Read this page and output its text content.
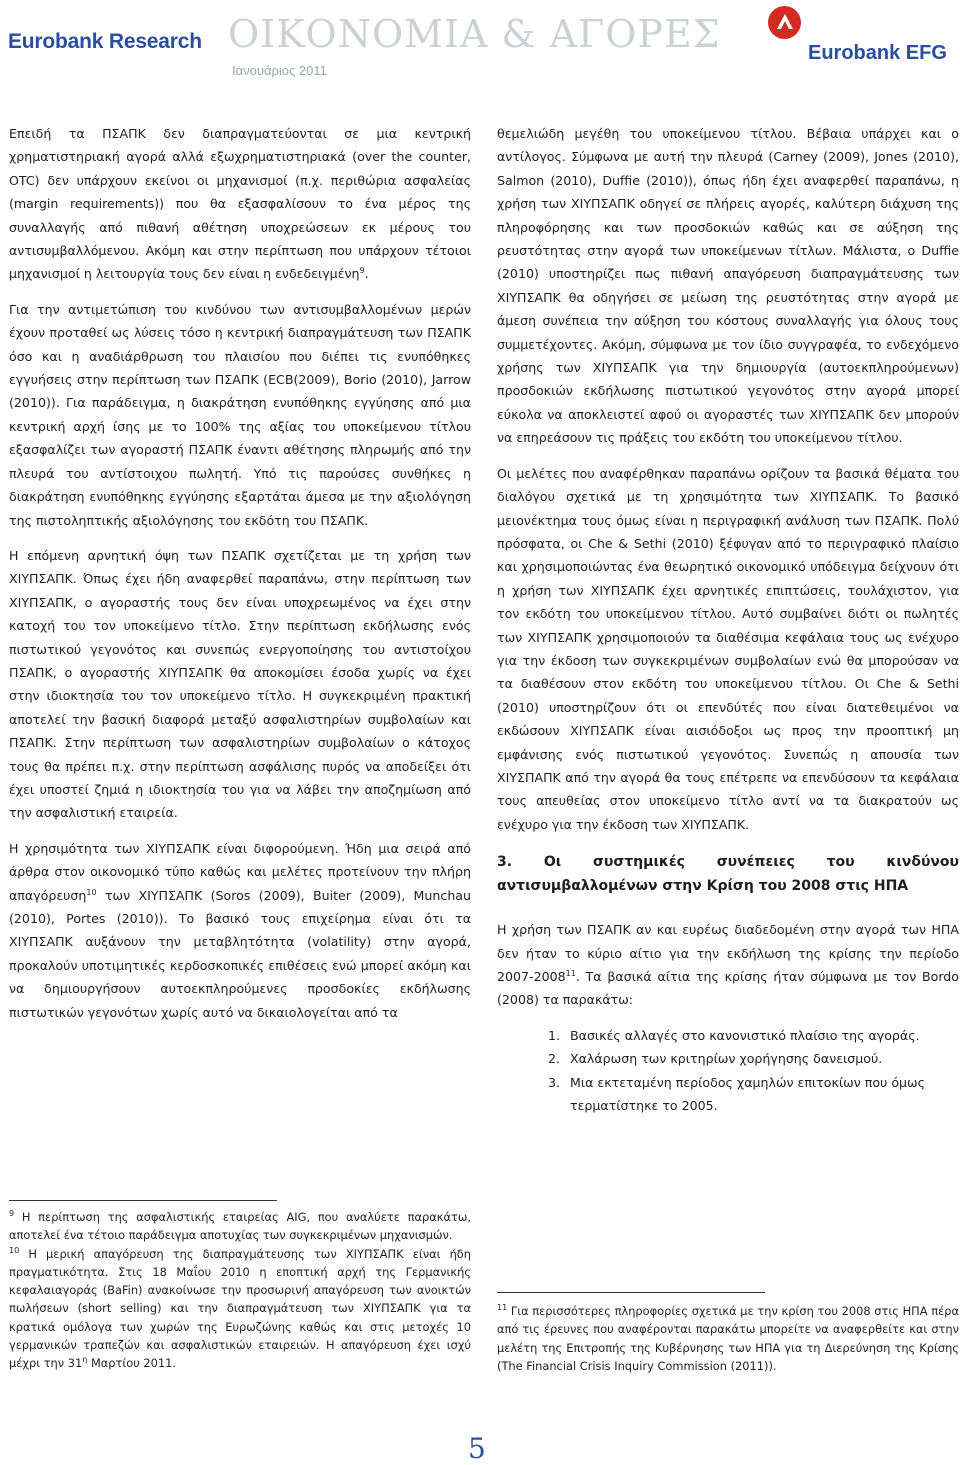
Eurobank Research ΟΙΚΟΝΟΜΙΑ & ΑΓΟΡΕΣ
Ιανουάριος 2011
Eurobank EFG

Επειδή τα ΠΣΑΠΚ δεν διαπραγματεύονται σε μια κεντρική χρηματιστηριακή αγορά αλλά εξωχρηματιστηριακά (over the counter, OTC) δεν υπάρχουν εκείνοι οι μηχανισμοί (π.χ. περιθώρια ασφαλείας (margin requirements)) που θα εξασφαλίσουν το ένα μέρος της συναλλαγής από πιθανή αθέτηση υποχρεώσεων εκ μέρους του αντισυμβαλλόμενου. Ακόμη και στην περίπτωση που υπάρχουν τέτοιοι μηχανισμοί η λειτουργία τους δεν είναι η ενδεδειγμένη$^9$.

Για την αντιμετώπιση του κινδύνου των αντισυμβαλλομένων μερών έχουν προταθεί ως λύσεις τόσο η κεντρική διαπραγμάτευση των ΠΣΑΠΚ όσο και η αναδιάρθρωση του πλαισίου που διέπει τις ενυπόθηκες εγγυήσεις στην περίπτωση των ΠΣΑΠΚ (ECB(2009), Borio (2010), Jarrow (2010)). Για παράδειγμα, η διακράτηση ενυπόθηκης εγγύησης από μια κεντρική αρχή ίσης με το 100% της αξίας του υποκείμενου τίτλου εξασφαλίζει των αγοραστή ΠΣΑΠΚ έναντι αθέτησης πληρωμής από την πλευρά του αντίστοιχου πωλητή. Υπό τις παρούσες συνθήκες η διακράτηση ενυπόθηκης εγγύησης εξαρτάται άμεσα με την αξιολόγηση της πιστοληπτικής αξιολόγησης του εκδότη του ΠΣΑΠΚ.

Η επόμενη αρνητική όψη των ΠΣΑΠΚ σχετίζεται με τη χρήση των ΧΙΥΠΣΑΠΚ. Όπως έχει ήδη αναφερθεί παραπάνω, στην περίπτωση των ΧΙΥΠΣΑΠΚ, ο αγοραστής τους δεν είναι υποχρεωμένος να έχει στην κατοχή του τον υποκείμενο τίτλο. Στην περίπτωση εκδήλωσης ενός πιστωτικού γεγονότος και συνεπώς ενεργοποίησης του αντιστοίχου ΠΣΑΠΚ, ο αγοραστής ΧΙΥΠΣΑΠΚ θα αποκομίσει έσοδα χωρίς να έχει στην ιδιοκτησία του τον υποκείμενο τίτλο. Η συγκεκριμένη πρακτική αποτελεί την βασική διαφορά μεταξύ ασφαλιστηρίων συμβολαίων και ΠΣΑΠΚ. Στην περίπτωση των ασφαλιστηρίων συμβολαίων ο κάτοχος τους θα πρέπει π.χ. στην περίπτωση ασφάλισης πυρός να αποδείξει ότι έχει υποστεί ζημιά η ιδιοκτησία του για να λάβει την αποζημίωση από την ασφαλιστική εταιρεία.

Η χρησιμότητα των ΧΙΥΠΣΑΠΚ είναι διφορούμενη. Ήδη μια σειρά από άρθρα στον οικονομικό τύπο καθώς και μελέτες προτείνουν την πλήρη απαγόρευση$^{10}$ των ΧΙΥΠΣΑΠΚ (Soros (2009), Buiter (2009), Munchau (2010), Portes (2010)). Το βασικό τους επιχείρημα είναι ότι τα ΧΙΥΠΣΑΠΚ αυξάνουν την μεταβλητότητα (volatility) στην αγορά, προκαλούν υποτιμητικές κερδοσκοπικές επιθέσεις ενώ μπορεί ακόμη και να δημιουργήσουν αυτοεκπληρούμενες προσδοκίες εκδήλωσης πιστωτικών γεγονότων χωρίς αυτό να δικαιολογείται από τα

$^9$ Η περίπτωση της ασφαλιστικής εταιρείας AIG, που αναλύετε παρακάτω, αποτελεί ένα τέτοιο παράδειγμα αποτυχίας των συγκεκριμένων μηχανισμών.

$^{10}$ Η μερική απαγόρευση της διαπραγμάτευσης των ΧΙΥΠΣΑΠΚ είναι ήδη πραγματικότητα. Στις 18 Μαΐου 2010 η εποπτική αρχή της Γερμανικής κεφαλαιαγοράς (BaFin) ανακοίνωσε την προσωρινή απαγόρευση των ανοικτών πωλήσεων (short selling) και την διαπραγμάτευση των ΧΙΥΠΣΑΠΚ για τα κρατικά ομόλογα των χωρών της Ευρωζώνης καθώς και στις μετοχές 10 γερμανικών τραπεζών και ασφαλιστικών εταιρειών. Η απαγόρευση έχει ισχύ μέχρι την $31^\eta$ Μαρτίου 2011.

θεμελιώδη μεγέθη του υποκείμενου τίτλου. Βέβαια υπάρχει και ο αντίλογος. Σύμφωνα με αυτή την πλευρά (Carney (2009), Jones (2010), Salmon (2010), Duffie (2010)), όπως ήδη έχει αναφερθεί παραπάνω, η χρήση των ΧΙΥΠΣΑΠΚ οδηγεί σε πλήρεις αγορές, καλύτερη διάχυση της πληροφόρησης και των προσδοκιών καθώς και σε αύξηση της ρευστότητας στην αγορά των υποκείμενων τίτλων. Μάλιστα, ο Duffie (2010) υποστηρίζει πως πιθανή απαγόρευση διαπραγμάτευσης των ΧΙΥΠΣΑΠΚ θα οδηγήσει σε μείωση της ρευστότητας στην αγορά με άμεση συνέπεια την αύξηση του κόστους συναλλαγής για όλους τους συμμετέχοντες. Ακόμη, σύμφωνα με τον ίδιο συγγραφέα, το ενδεχόμενο χρήσης των ΧΙΥΠΣΑΠΚ για την δημιουργία (αυτοεκπληρούμενων) προσδοκιών εκδήλωσης πιστωτικού γεγονότος στην αγορά μπορεί εύκολα να αποκλειστεί αφού οι αγοραστές των ΧΙΥΠΣΑΠΚ δεν μπορούν να επηρεάσουν τις πράξεις του εκδότη του υποκείμενου τίτλου.

Οι μελέτες που αναφέρθηκαν παραπάνω ορίζουν τα βασικά θέματα του διαλόγου σχετικά με τη χρησιμότητα των ΧΙΥΠΣΑΠΚ. Το βασικό μειονέκτημα τους όμως είναι η περιγραφική ανάλυση των ΠΣΑΠΚ. Πολύ πρόσφατα, οι Che & Sethi (2010) ξέφυγαν από το περιγραφικό πλαίσιο και χρησιμοποιώντας ένα θεωρητικό οικονομικό υπόδειγμα δείχνουν ότι η χρήση των ΧΙΥΠΣΑΠΚ έχει αρνητικές επιπτώσεις, τουλάχιστον, για τον εκδότη του υποκείμενου τίτλου. Αυτό συμβαίνει διότι οι πωλητές των ΧΙΥΠΣΑΠΚ χρησιμοποιούν τα διαθέσιμα κεφάλαια τους ως ενέχυρο για την έκδοση των συγκεκριμένων συμβολαίων ενώ θα μπορούσαν να τα διαθέσουν στον εκδότη του υποκείμενου τίτλου. Οι Che & Sethi (2010) υποστηρίζουν ότι οι επενδύτές που είναι διατεθειμένοι να εκδώσουν ΧΙΥΠΣΑΠΚ είναι αισιόδοξοι ως προς την προοπτική μη εμφάνισης ενός πιστωτικού γεγονότος. Συνεπώς η απουσία των ΧΙΥΣΠΑΠΚ από την αγορά θα τους επέτρεπε να επενδύσουν τα κεφάλαια τους απευθείας στον υποκείμενο τίτλο αντί να τα διακρατούν ως ενέχυρο για την έκδοση των ΧΙΥΠΣΑΠΚ.

3. Οι συστημικές συνέπειες του κινδύνου αντισυμβαλλομένων στην Κρίση του 2008 στις ΗΠΑ

Η χρήση των ΠΣΑΠΚ αν και ευρέως διαδεδομένη στην αγορά των ΗΠΑ δεν ήταν το κύριο αίτιο για την εκδήλωση της κρίσης την περίοδο 2007-2008$^{11}$. Τα βασικά αίτια της κρίσης ήταν σύμφωνα με τον Bordo (2008) τα παρακάτω:

1. Βασικές αλλαγές στο κανονιστικό πλαίσιο της αγοράς.
2. Χαλάρωση των κριτηρίων χορήγησης δανεισμού.
3. Μια εκτεταμένη περίοδος χαμηλών επιτοκίων που όμως τερματίστηκε το 2005.

$^{11}$ Για περισσότερες πληροφορίες σχετικά με την κρίση του 2008 στις ΗΠΑ πέρα από τις έρευνες που αναφέρονται παρακάτω μπορείτε να αναφερθείτε και στην μελέτη της Επιτροπής της Κυβέρνησης των ΗΠΑ για τη Διερεύνηση της Κρίσης (The Financial Crisis Inquiry Commission (2011)).

5
